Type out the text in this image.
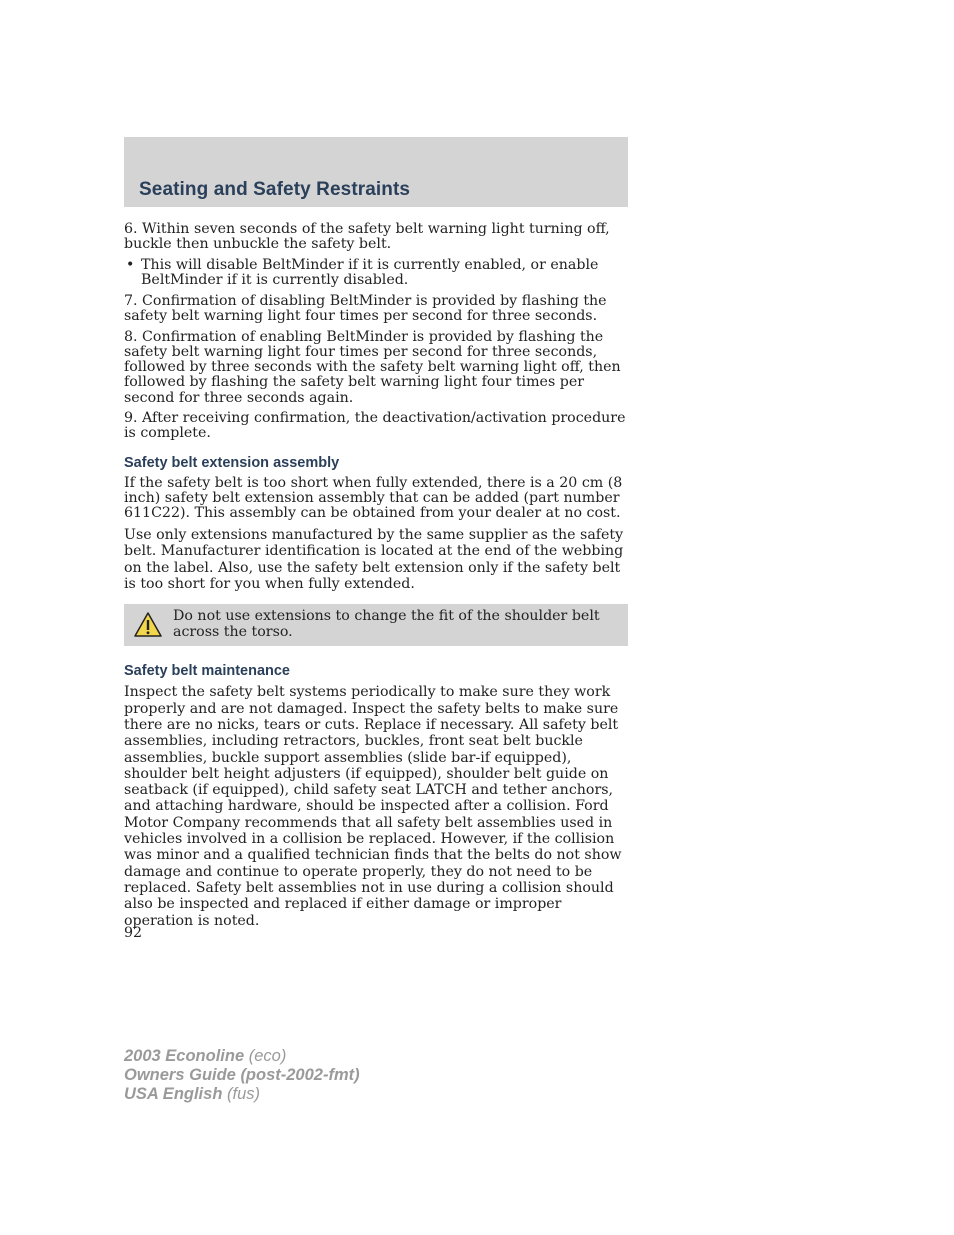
Seating and Safety Restraints

6. Within seven seconds of the safety belt warning light turning off, buckle then unbuckle the safety belt.

• This will disable BeltMinder if it is currently enabled, or enable BeltMinder if it is currently disabled.

7. Confirmation of disabling BeltMinder is provided by flashing the safety belt warning light four times per second for three seconds.

8. Confirmation of enabling BeltMinder is provided by flashing the safety belt warning light four times per second for three seconds, followed by three seconds with the safety belt warning light off, then followed by flashing the safety belt warning light four times per second for three seconds again.

9. After receiving confirmation, the deactivation/activation procedure is complete.

Safety belt extension assembly

If the safety belt is too short when fully extended, there is a 20 cm (8 inch) safety belt extension assembly that can be added (part number 611C22). This assembly can be obtained from your dealer at no cost.

Use only extensions manufactured by the same supplier as the safety belt. Manufacturer identification is located at the end of the webbing on the label. Also, use the safety belt extension only if the safety belt is too short for you when fully extended.

Do not use extensions to change the fit of the shoulder belt across the torso.
Safety belt maintenance

Inspect the safety belt systems periodically to make sure they work properly and are not damaged. Inspect the safety belts to make sure there are no nicks, tears or cuts. Replace if necessary. All safety belt assemblies, including retractors, buckles, front seat belt buckle assemblies, buckle support assemblies (slide bar-if equipped), shoulder belt height adjusters (if equipped), shoulder belt guide on seatback (if equipped), child safety seat LATCH and tether anchors, and attaching hardware, should be inspected after a collision. Ford Motor Company recommends that all safety belt assemblies used in vehicles involved in a collision be replaced. However, if the collision was minor and a qualified technician finds that the belts do not show damage and continue to operate properly, they do not need to be replaced. Safety belt assemblies not in use during a collision should also be inspected and replaced if either damage or improper operation is noted.

92
2003 Econoline (eco)
Owners Guide (post-2002-fmt)
USA English (fus)
